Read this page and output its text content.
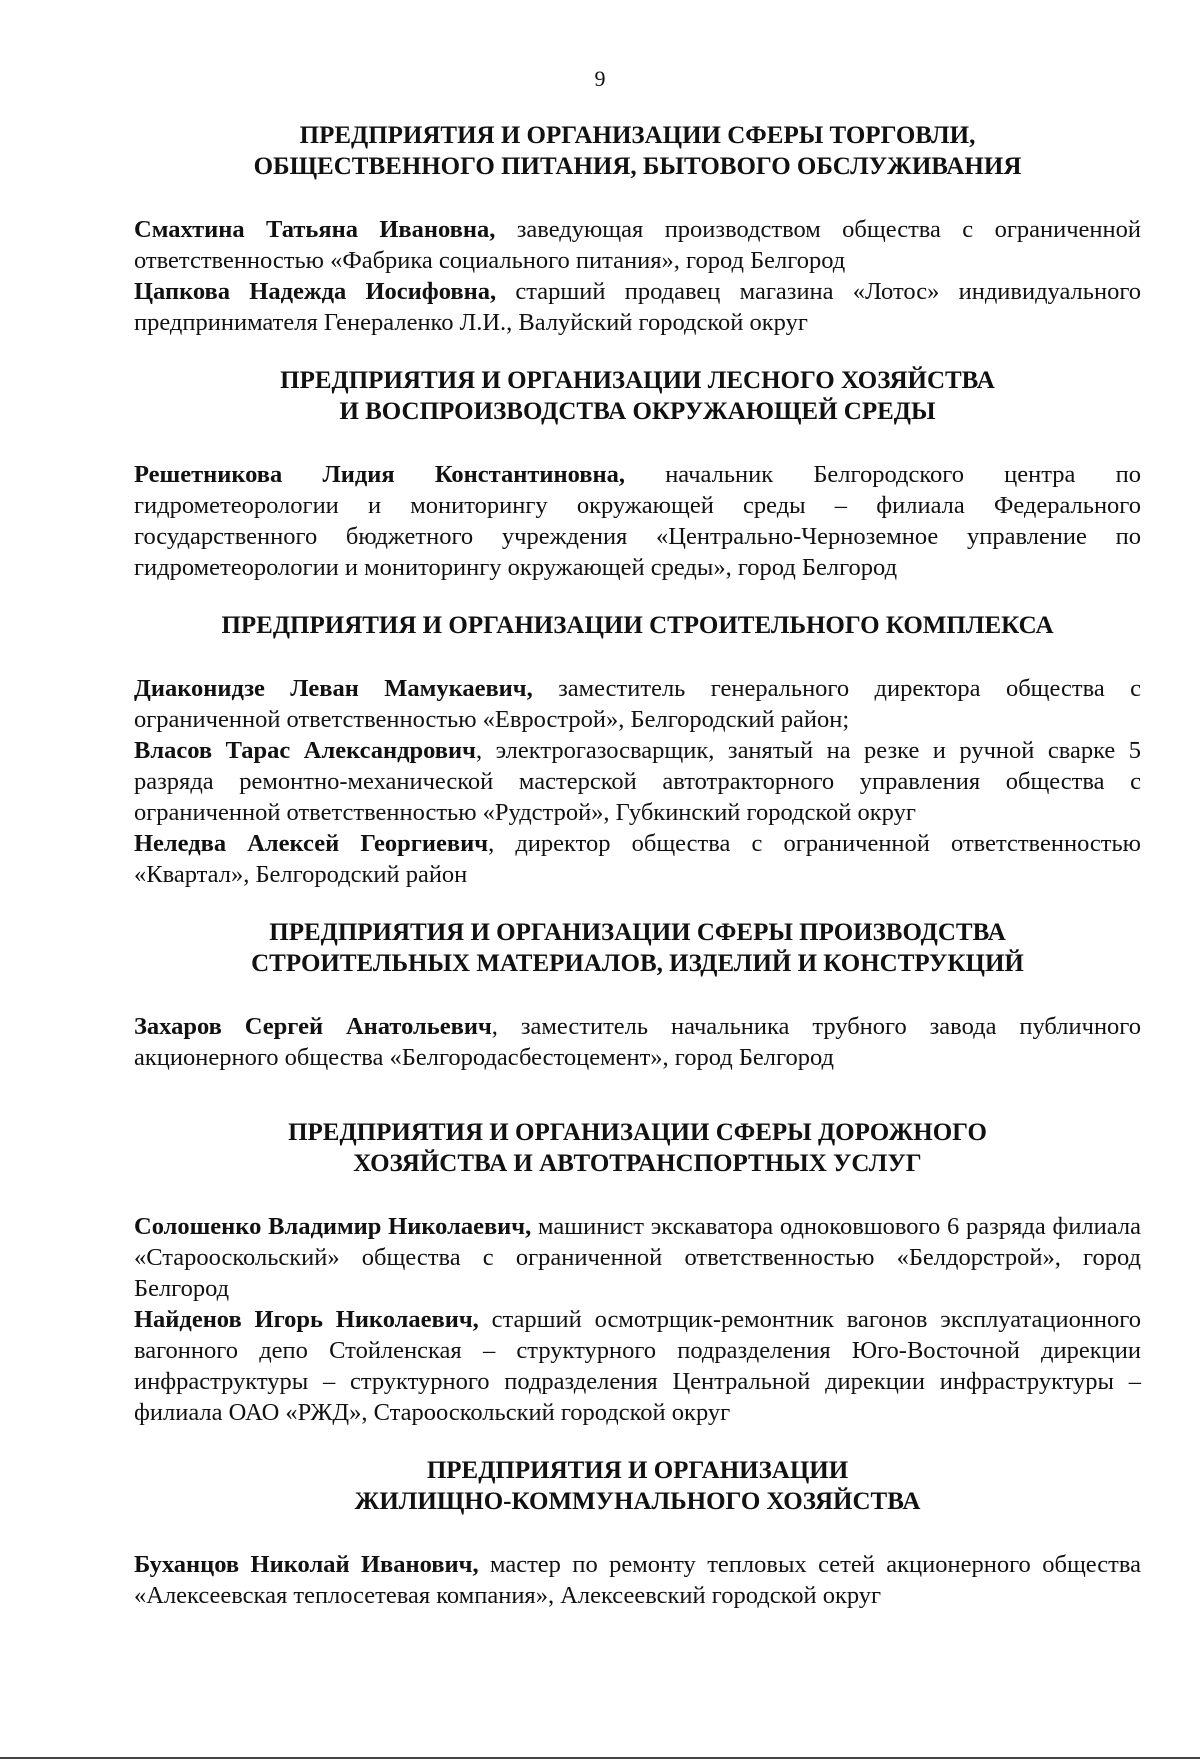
9
ПРЕДПРИЯТИЯ И ОРГАНИЗАЦИИ СФЕРЫ ТОРГОВЛИ,
ОБЩЕСТВЕННОГО ПИТАНИЯ, БЫТОВОГО ОБСЛУЖИВАНИЯ

Смахтина Татьяна Ивановна, заведующая производством общества с ограниченной ответственностью «Фабрика социального питания», город Белгород

Цапкова Надежда Иосифовна, старший продавец магазина «Лотос» индивидуального предпринимателя Генераленко Л.И., Валуйский городской округ

ПРЕДПРИЯТИЯ И ОРГАНИЗАЦИИ ЛЕСНОГО ХОЗЯЙСТВА
И ВОСПРОИЗВОДСТВА ОКРУЖАЮЩЕЙ СРЕДЫ

Решетникова Лидия Константиновна, начальник Белгородского центра по гидрометеорологии и мониторингу окружающей среды – филиала Федерального государственного бюджетного учреждения «Центрально-Черноземное управление по гидрометеорологии и мониторингу окружающей среды», город Белгород

ПРЕДПРИЯТИЯ И ОРГАНИЗАЦИИ СТРОИТЕЛЬНОГО КОМПЛЕКСА

Диаконидзе Леван Мамукаевич, заместитель генерального директора общества с ограниченной ответственностью «Еврострой», Белгородский район;

Власов Тарас Александрович, электрогазосварщик, занятый на резке и ручной сварке 5 разряда ремонтно-механической мастерской автотракторного управления общества с ограниченной ответственностью «Рудстрой», Губкинский городской округ

Неледва Алексей Георгиевич, директор общества с ограниченной ответственностью «Квартал», Белгородский район

ПРЕДПРИЯТИЯ И ОРГАНИЗАЦИИ СФЕРЫ ПРОИЗВОДСТВА
СТРОИТЕЛЬНЫХ МАТЕРИАЛОВ, ИЗДЕЛИЙ И КОНСТРУКЦИЙ

Захаров Сергей Анатольевич, заместитель начальника трубного завода публичного акционерного общества «Белгородасбестоцемент», город Белгород

ПРЕДПРИЯТИЯ И ОРГАНИЗАЦИИ СФЕРЫ ДОРОЖНОГО
ХОЗЯЙСТВА И АВТОТРАНСПОРТНЫХ УСЛУГ

Солошенко Владимир Николаевич, машинист экскаватора одноковшового 6 разряда филиала «Старооскольский» общества с ограниченной ответственностью «Белдорстрой», город Белгород

Найденов Игорь Николаевич, старший осмотрщик-ремонтник вагонов эксплуатационного вагонного депо Стойленская – структурного подразделения Юго-Восточной дирекции инфраструктуры – структурного подразделения Центральной дирекции инфраструктуры – филиала ОАО «РЖД», Старооскольский городской округ

ПРЕДПРИЯТИЯ И ОРГАНИЗАЦИИ
ЖИЛИЩНО-КОММУНАЛЬНОГО ХОЗЯЙСТВА

Буханцов Николай Иванович, мастер по ремонту тепловых сетей акционерного общества «Алексеевская теплосетевая компания», Алексеевский городской округ
